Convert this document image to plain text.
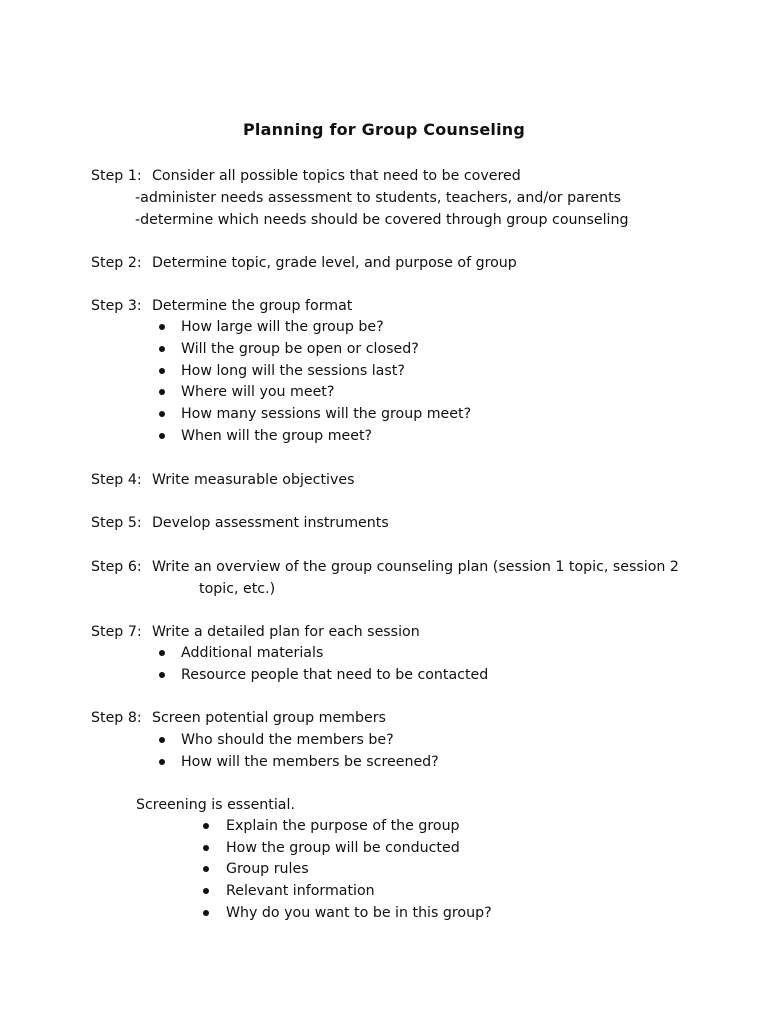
Planning for Group Counseling
Step 1: Consider all possible topics that need to be covered
-administer needs assessment to students, teachers, and/or parents
-determine which needs should be covered through group counseling
Step 2: Determine topic, grade level, and purpose of group
Step 3: Determine the group format
How large will the group be?
Will the group be open or closed?
How long will the sessions last?
Where will you meet?
How many sessions will the group meet?
When will the group meet?
Step 4: Write measurable objectives
Step 5: Develop assessment instruments
Step 6: Write an overview of the group counseling plan (session 1 topic, session 2
topic, etc.)
Step 7: Write a detailed plan for each session
Additional materials
Resource people that need to be contacted
Step 8: Screen potential group members
Who should the members be?
How will the members be screened?
Screening is essential.
Explain the purpose of the group
How the group will be conducted
Group rules
Relevant information
Why do you want to be in this group?
